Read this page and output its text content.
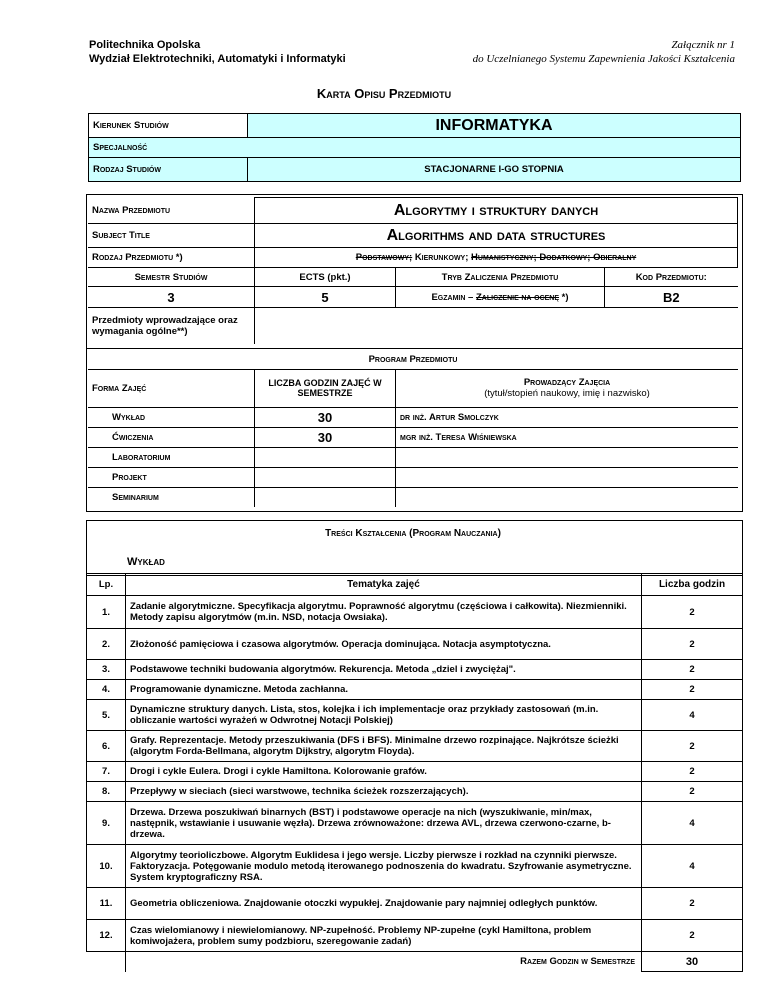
Politechnika Opolska
Wydział Elektrotechniki, Automatyki i Informatyki
Załącznik nr 1
do Uczelnianego Systemu Zapewnienia Jakości Kształcenia
Karta Opisu Przedmiotu
Kierunek Studiów	INFORMATYKA
Specjalność	
Rodzaj Studiów	STACJONARNE I-GO STOPNIA
Nazwa Przedmiotu	Algorytmy i struktury danych		
Subject Title	Algorithms and data structures		
Rodzaj Przedmiotu *)	Podstawowy; Kierunkowy; Humanistyczny; Dodatkowy; Obieralny		
Semestr Studiów	ECTS (pkt.)	Tryb Zaliczenia Przedmiotu	Kod Przedmiotu:
3	5	Egzamin – Zaliczenie na ocenę *)	B2
Przedmioty wprowadzające oraz wymagania ogólne**)			
Program Przedmiotu		
Forma Zajęć	LICZBA GODZIN ZAJĘĆ W SEMESTRZE	Prowadzący Zajęcia
(tytuł/stopień naukowy, imię i nazwisko)

Wykład	30	dr inż. Artur Smolczyk
Ćwiczenia	30	mgr inż. Teresa Wiśniewska
Laboratorium		
Projekt		
Seminarium		
Treści Kształcenia (Program Nauczania)
Wykład
Lp.	Tematyka zajęć	Liczba godzin
1.	Zadanie algorytmiczne. Specyfikacja algorytmu. Poprawność algorytmu (częściowa i całkowita). Niezmienniki. Metody zapisu algorytmów (m.in. NSD, notacja Owsiaka).	2
2.	Złożoność pamięciowa i czasowa algorytmów. Operacja dominująca. Notacja asymptotyczna.	2
3.	Podstawowe techniki budowania algorytmów. Rekurencja. Metoda „dziel i zwyciężaj".	2
4.	Programowanie dynamiczne. Metoda zachłanna.	2
5.	Dynamiczne struktury danych. Lista, stos, kolejka i ich implementacje oraz przykłady zastosowań (m.in. obliczanie wartości wyrażeń w Odwrotnej Notacji Polskiej)	4
6.	Grafy. Reprezentacje. Metody przeszukiwania (DFS i BFS). Minimalne drzewo rozpinające. Najkrótsze ścieżki (algorytm Forda-Bellmana, algorytm Dijkstry, algorytm Floyda).	2
7.	Drogi i cykle Eulera. Drogi i cykle Hamiltona. Kolorowanie grafów.	2
8.	Przepływy w sieciach (sieci warstwowe, technika ścieżek rozszerzających).	2
9.	Drzewa. Drzewa poszukiwań binarnych (BST) i podstawowe operacje na nich (wyszukiwanie, min/max, następnik, wstawianie i usuwanie węzła). Drzewa zrównoważone: drzewa AVL, drzewa czerwono-czarne, b-drzewa.	4
10.	Algorytmy teorioliczbowe. Algorytm Euklidesa i jego wersje. Liczby pierwsze i rozkład na czynniki pierwsze. Faktoryzacja. Potęgowanie modulo metodą iterowanego podnoszenia do kwadratu. Szyfrowanie asymetryczne. System kryptograficzny RSA.	4
11.	Geometria obliczeniowa. Znajdowanie otoczki wypukłej. Znajdowanie pary najmniej odległych punktów.	2
12.	Czas wielomianowy i niewielomianowy. NP-zupełność. Problemy NP-zupełne (cykl Hamiltona, problem komiwojażera, problem sumy podzbioru, szeregowanie zadań)	2
	Razem Godzin w Semestrze	30
